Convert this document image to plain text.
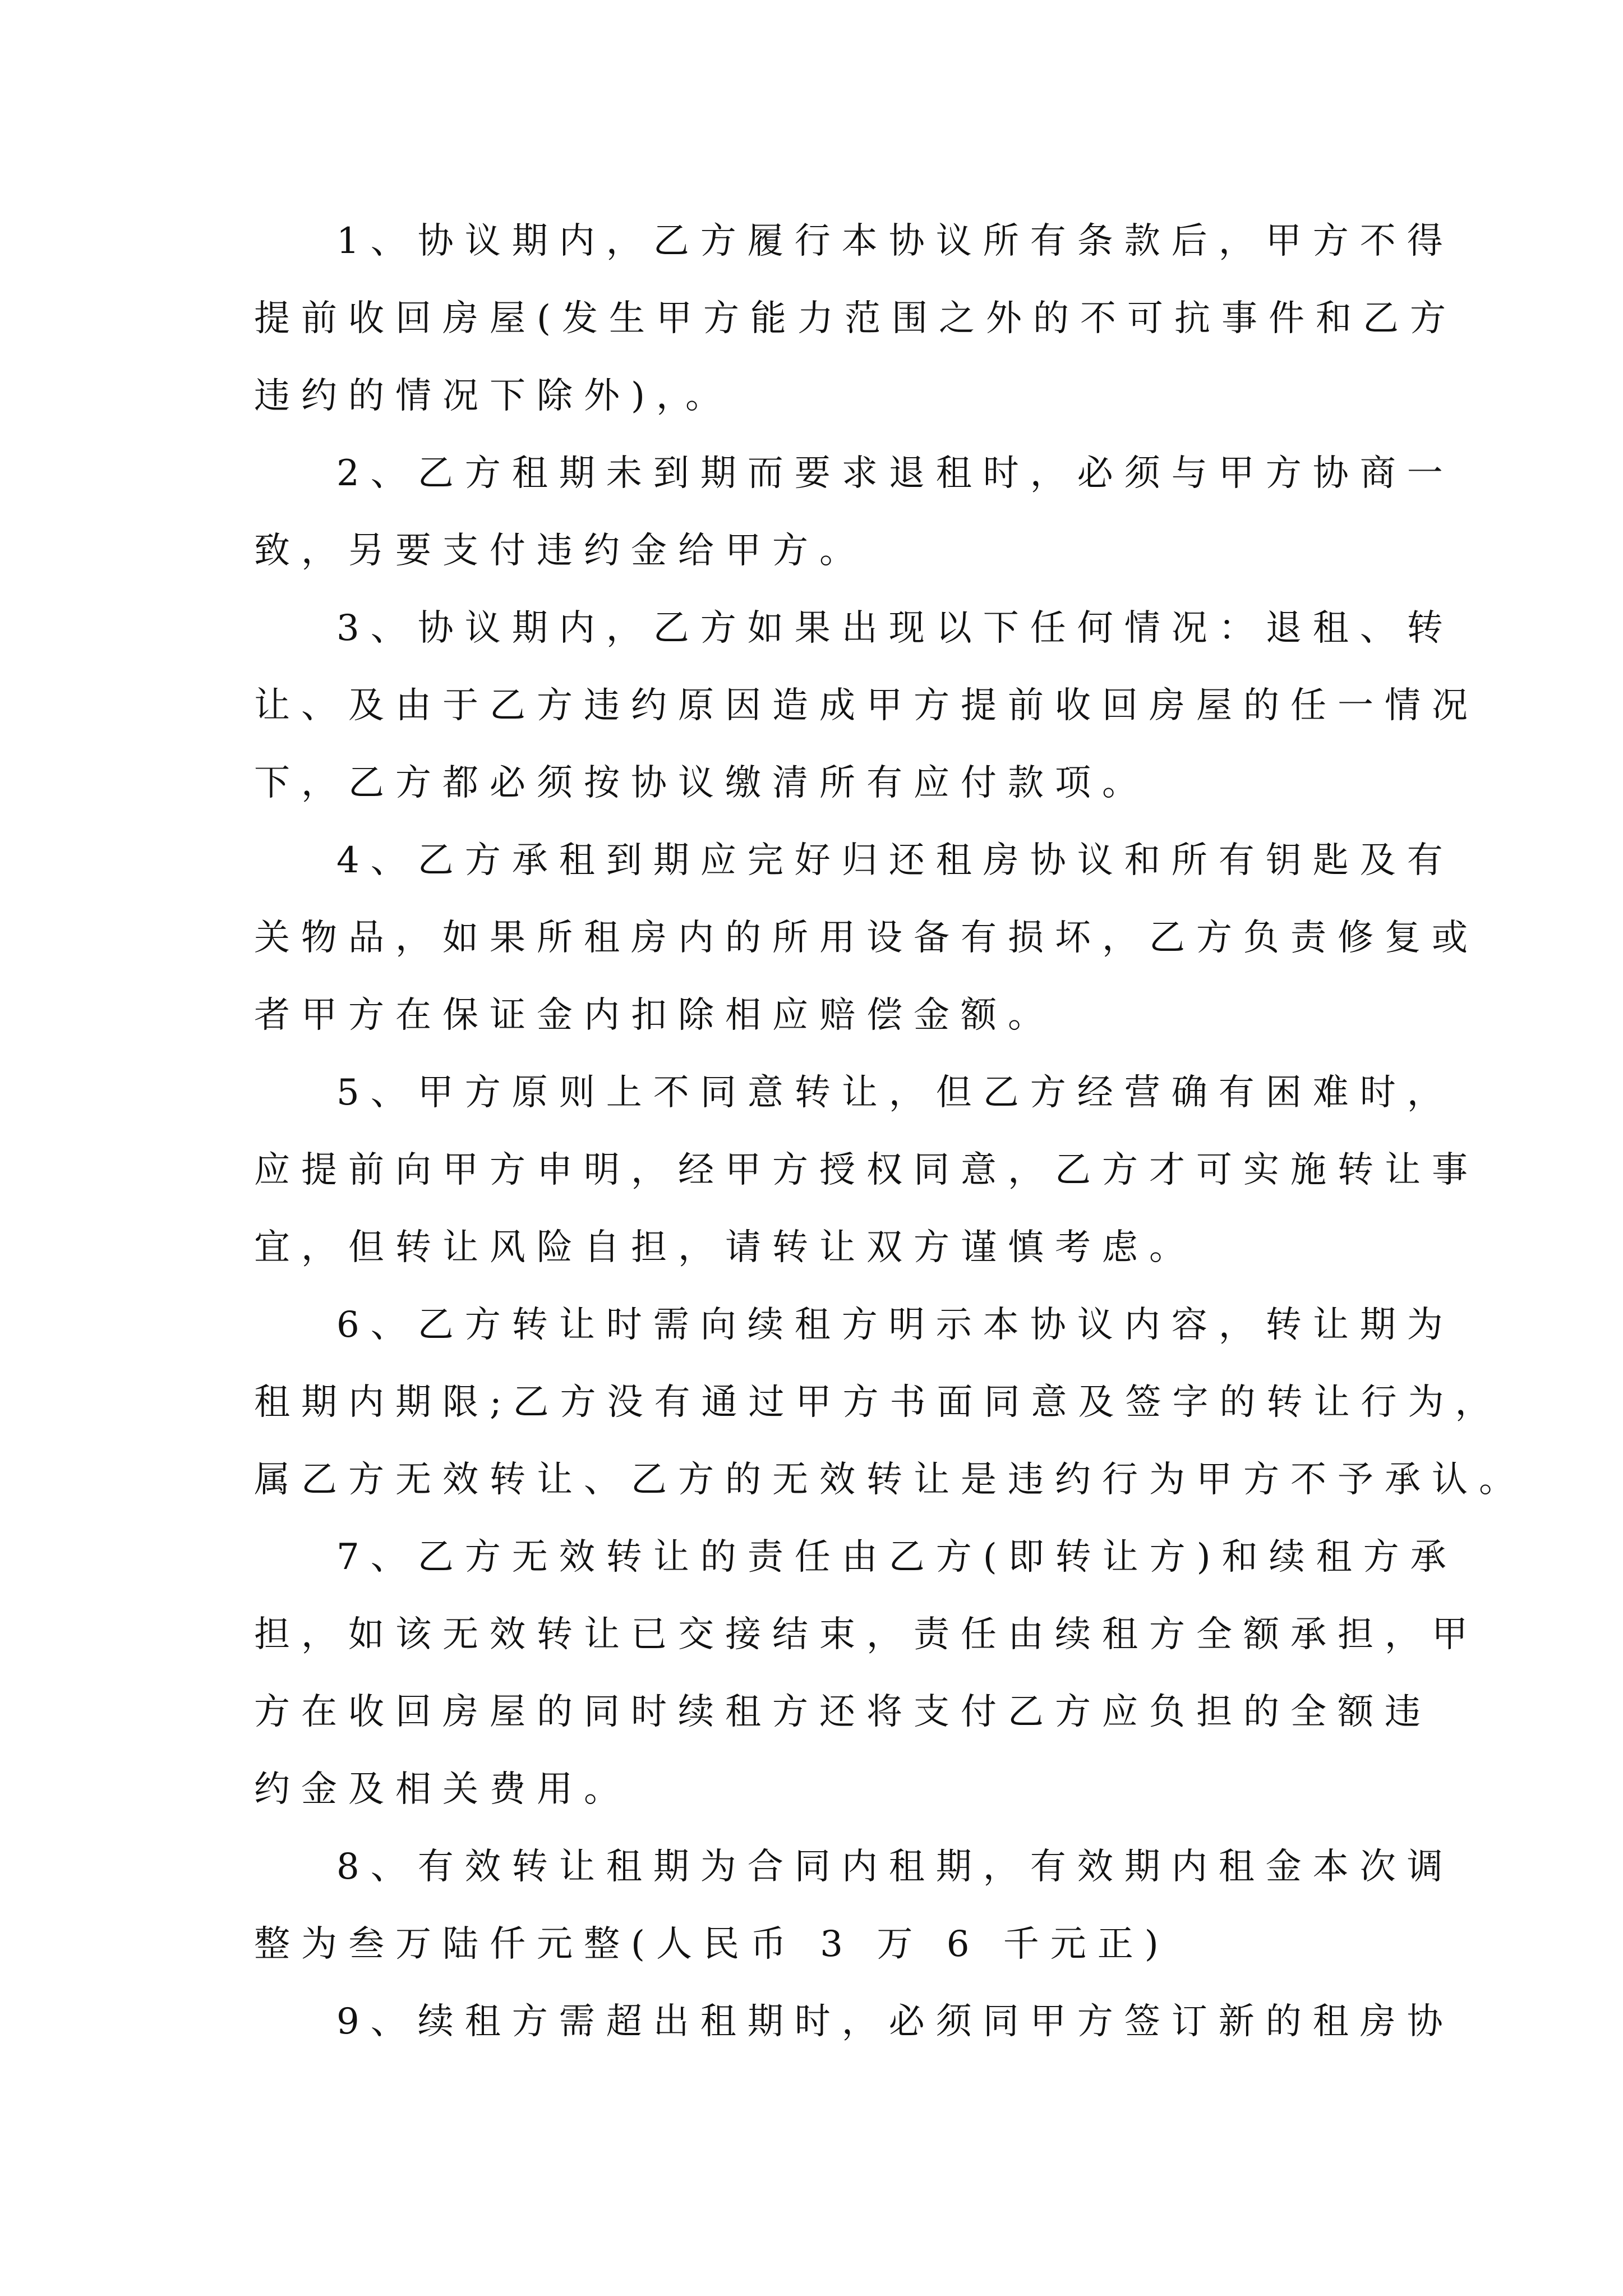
1、协议期内，乙方履行本协议所有条款后，甲方不得
提前收回房屋(发生甲方能力范围之外的不可抗事件和乙方
违约的情况下除外)，。
2、乙方租期未到期而要求退租时，必须与甲方协商一
致，另要支付违约金给甲方。
3、协议期内，乙方如果出现以下任何情况：退租、转
让、及由于乙方违约原因造成甲方提前收回房屋的任一情况
下，乙方都必须按协议缴清所有应付款项。
4、乙方承租到期应完好归还租房协议和所有钥匙及有
关物品，如果所租房内的所用设备有损坏，乙方负责修复或
者甲方在保证金内扣除相应赔偿金额。
5、甲方原则上不同意转让，但乙方经营确有困难时，
应提前向甲方申明，经甲方授权同意，乙方才可实施转让事
宜，但转让风险自担，请转让双方谨慎考虑。
6、乙方转让时需向续租方明示本协议内容，转让期为
租期内期限;乙方没有通过甲方书面同意及签字的转让行为，
属乙方无效转让、乙方的无效转让是违约行为甲方不予承认。
7、乙方无效转让的责任由乙方(即转让方)和续租方承
担，如该无效转让已交接结束，责任由续租方全额承担，甲
方在收回房屋的同时续租方还将支付乙方应负担的全额违
约金及相关费用。
8、有效转让租期为合同内租期，有效期内租金本次调
整为叁万陆仟元整(人民币 3 万 6 千元正)
9、续租方需超出租期时，必须同甲方签订新的租房协
